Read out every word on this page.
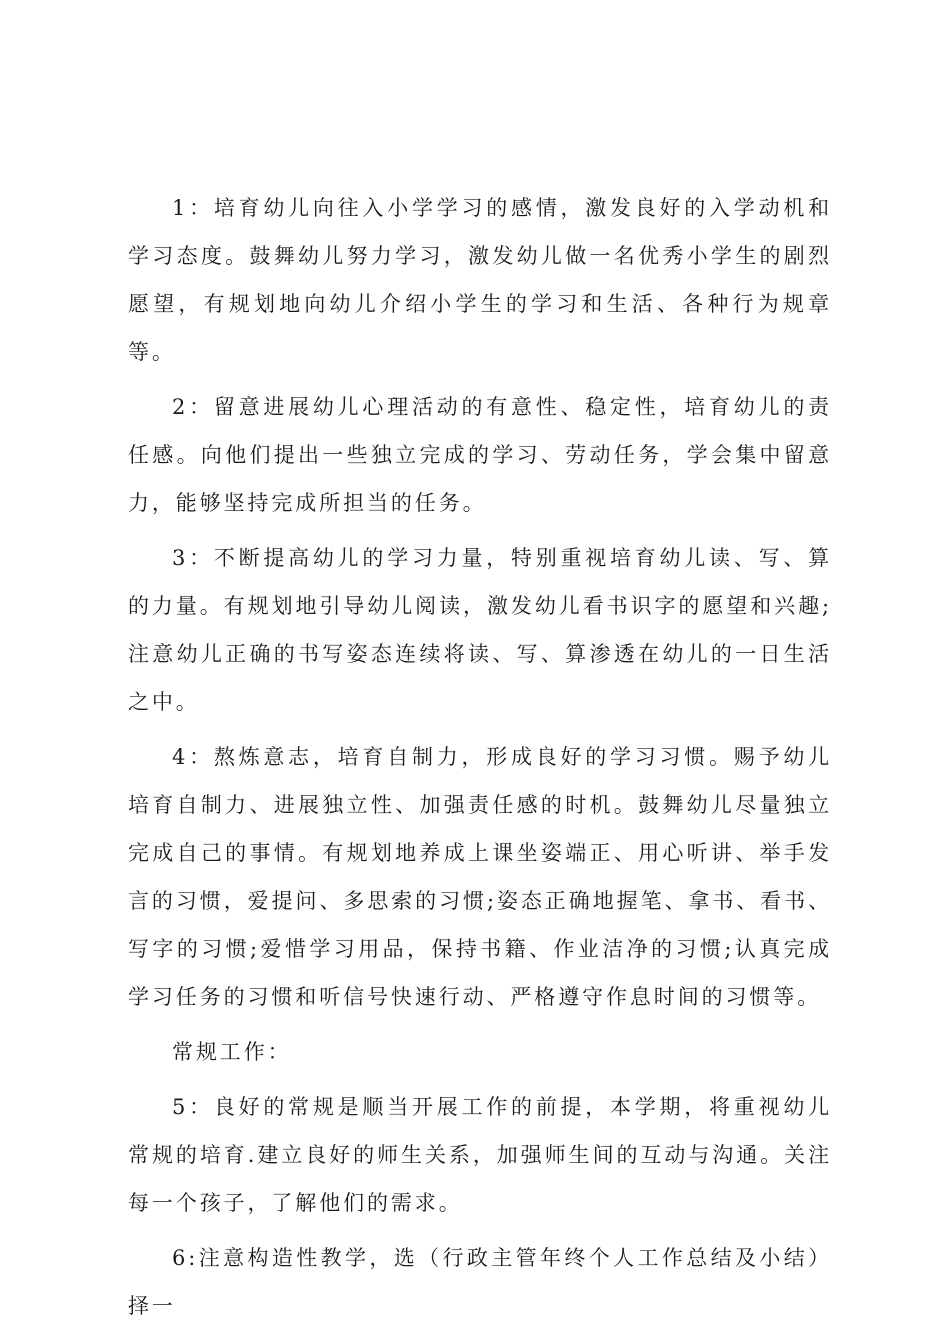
1：培育幼儿向往入小学学习的感情，激发良好的入学动机和学习态度。鼓舞幼儿努力学习，激发幼儿做一名优秀小学生的剧烈愿望，有规划地向幼儿介绍小学生的学习和生活、各种行为规章等。

2：留意进展幼儿心理活动的有意性、稳定性，培育幼儿的责任感。向他们提出一些独立完成的学习、劳动任务，学会集中留意力，能够坚持完成所担当的任务。

3：不断提高幼儿的学习力量，特别重视培育幼儿读、写、算的力量。有规划地引导幼儿阅读，激发幼儿看书识字的愿望和兴趣;注意幼儿正确的书写姿态连续将读、写、算渗透在幼儿的一日生活之中。

4：熬炼意志，培育自制力，形成良好的学习习惯。赐予幼儿培育自制力、进展独立性、加强责任感的时机。鼓舞幼儿尽量独立完成自己的事情。有规划地养成上课坐姿端正、用心听讲、举手发言的习惯，爱提问、多思索的习惯;姿态正确地握笔、拿书、看书、写字的习惯;爱惜学习用品，保持书籍、作业洁净的习惯;认真完成学习任务的习惯和听信号快速行动、严格遵守作息时间的习惯等。

常规工作：

5：良好的常规是顺当开展工作的前提，本学期，将重视幼儿常规的培育.建立良好的师生关系，加强师生间的互动与沟通。关注每一个孩子，了解他们的需求。

6:注意构造性教学，选（行政主管年终个人工作总结及小结）择一
